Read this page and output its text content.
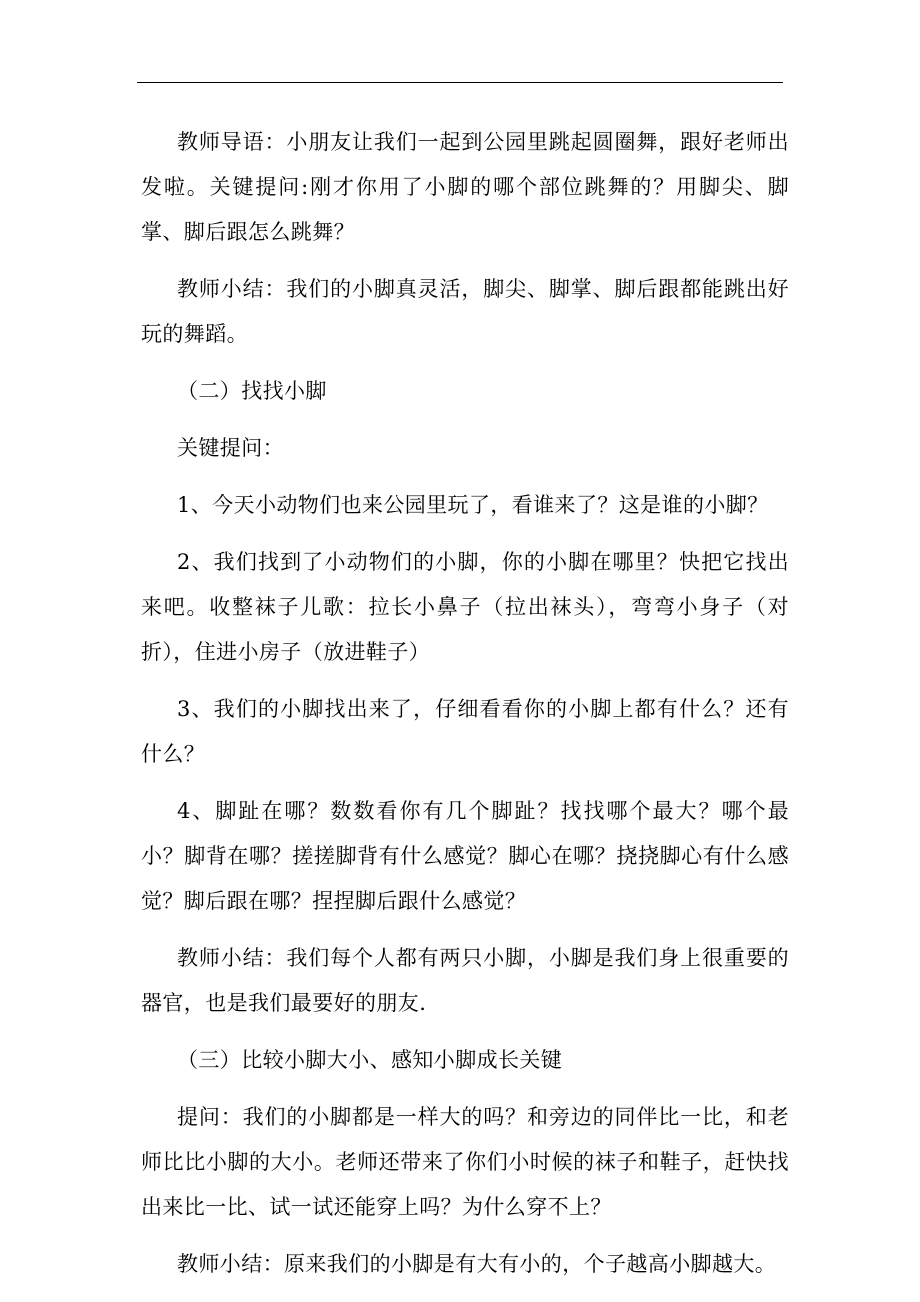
教师导语：小朋友让我们一起到公园里跳起圆圈舞，跟好老师出发啦。关键提问:刚才你用了小脚的哪个部位跳舞的？用脚尖、脚掌、脚后跟怎么跳舞？

教师小结：我们的小脚真灵活，脚尖、脚掌、脚后跟都能跳出好玩的舞蹈。

（二）找找小脚

关键提问：

1、今天小动物们也来公园里玩了，看谁来了？这是谁的小脚？

2、我们找到了小动物们的小脚，你的小脚在哪里？快把它找出来吧。收整袜子儿歌：拉长小鼻子（拉出袜头），弯弯小身子（对折），住进小房子（放进鞋子）

3、我们的小脚找出来了，仔细看看你的小脚上都有什么？还有什么？

4、脚趾在哪？数数看你有几个脚趾？找找哪个最大？哪个最小？脚背在哪？搓搓脚背有什么感觉？脚心在哪？挠挠脚心有什么感觉？脚后跟在哪？捏捏脚后跟什么感觉？

教师小结：我们每个人都有两只小脚，小脚是我们身上很重要的器官，也是我们最要好的朋友.

（三）比较小脚大小、感知小脚成长关键

提问：我们的小脚都是一样大的吗？和旁边的同伴比一比，和老师比比小脚的大小。老师还带来了你们小时候的袜子和鞋子，赶快找出来比一比、试一试还能穿上吗？为什么穿不上？

教师小结：原来我们的小脚是有大有小的，个子越高小脚越大。
